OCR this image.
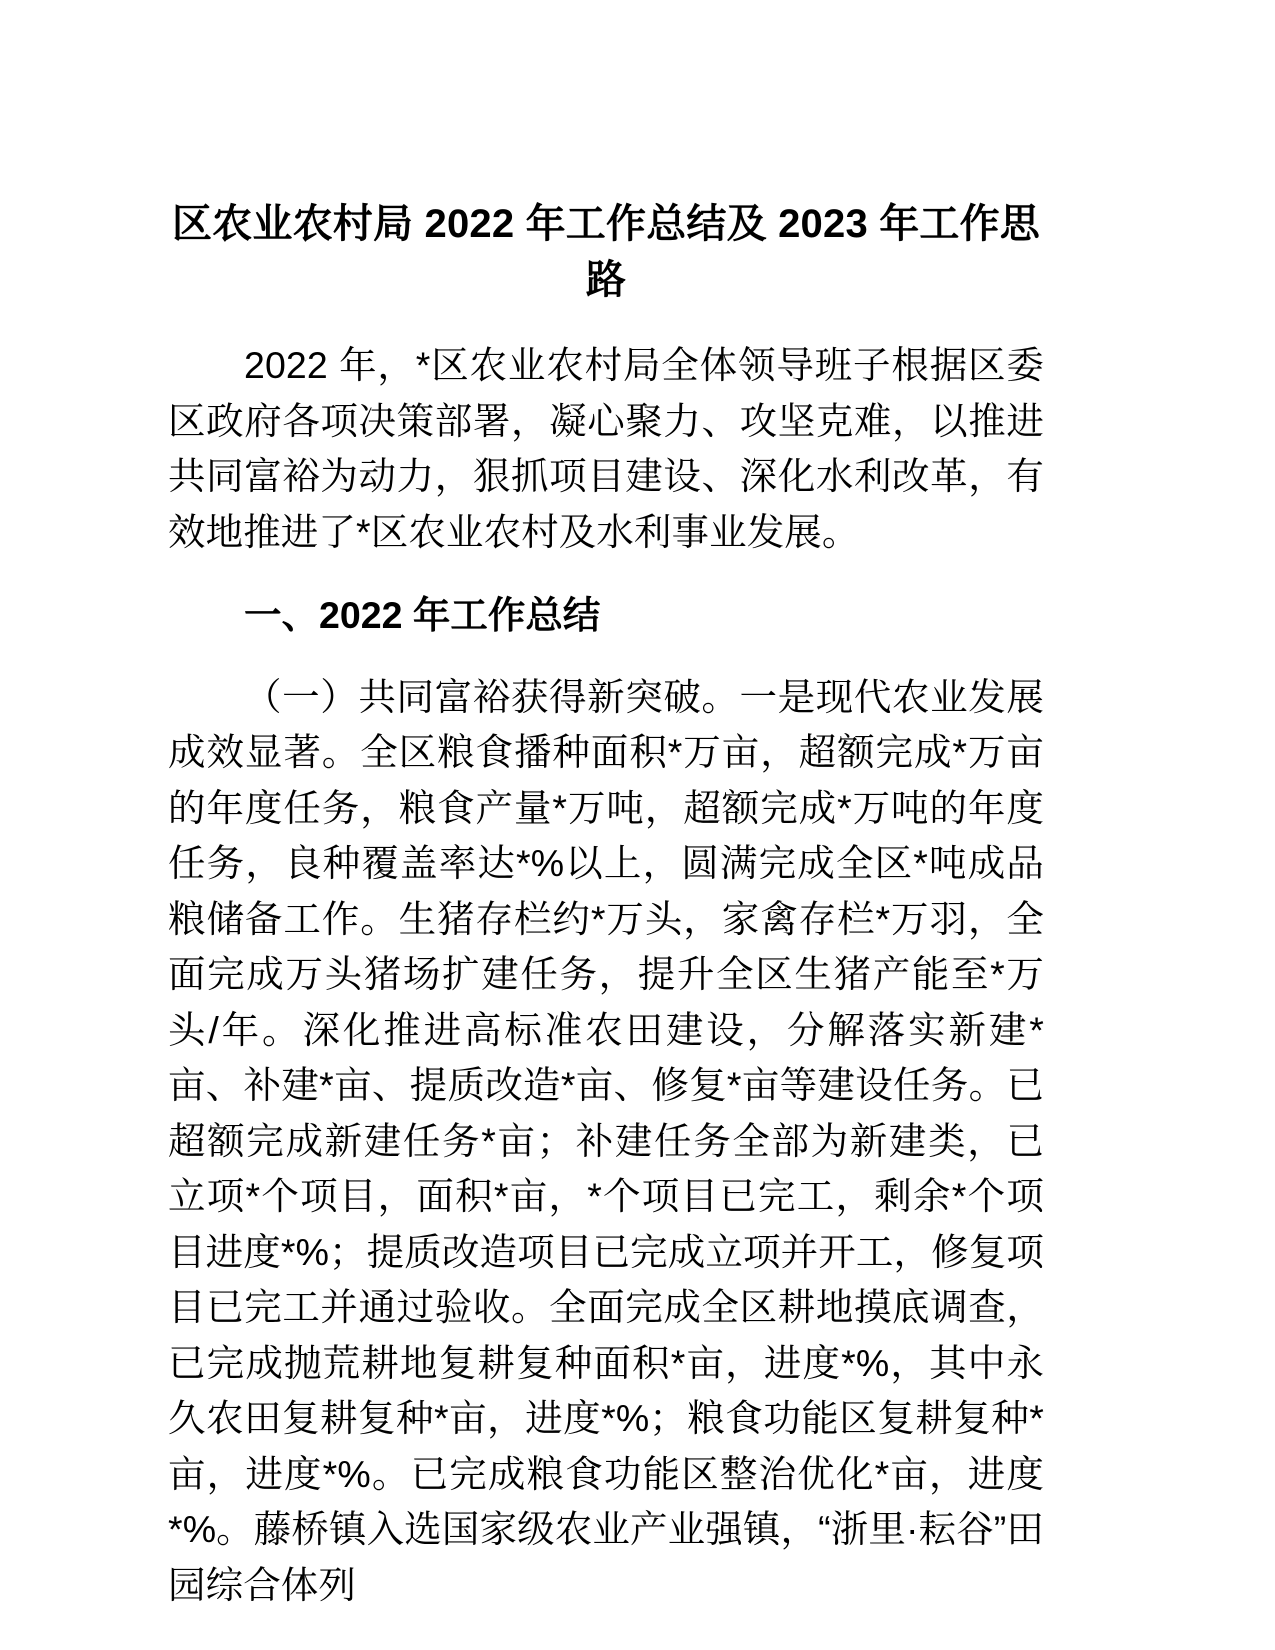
区农业农村局 2022 年工作总结及 2023 年工作思路

2022 年，*区农业农村局全体领导班子根据区委区政府各项决策部署，凝心聚力、攻坚克难，以推进共同富裕为动力，狠抓项目建设、深化水利改革，有效地推进了*区农业农村及水利事业发展。

一、2022 年工作总结

（一）共同富裕获得新突破。一是现代农业发展成效显著。全区粮食播种面积*万亩，超额完成*万亩的年度任务，粮食产量*万吨，超额完成*万吨的年度任务，良种覆盖率达*%以上，圆满完成全区*吨成品粮储备工作。生猪存栏约*万头，家禽存栏*万羽，全面完成万头猪场扩建任务，提升全区生猪产能至*万头/年。深化推进高标准农田建设，分解落实新建*亩、补建*亩、提质改造*亩、修复*亩等建设任务。已超额完成新建任务*亩；补建任务全部为新建类，已立项*个项目，面积*亩，*个项目已完工，剩余*个项目进度*%；提质改造项目已完成立项并开工，修复项目已完工并通过验收。全面完成全区耕地摸底调查，已完成抛荒耕地复耕复种面积*亩，进度*%，其中永久农田复耕复种*亩，进度*%；粮食功能区复耕复种*亩，进度*%。已完成粮食功能区整治优化*亩，进度*%。藤桥镇入选国家级农业产业强镇，“浙里·耘谷”田园综合体列
